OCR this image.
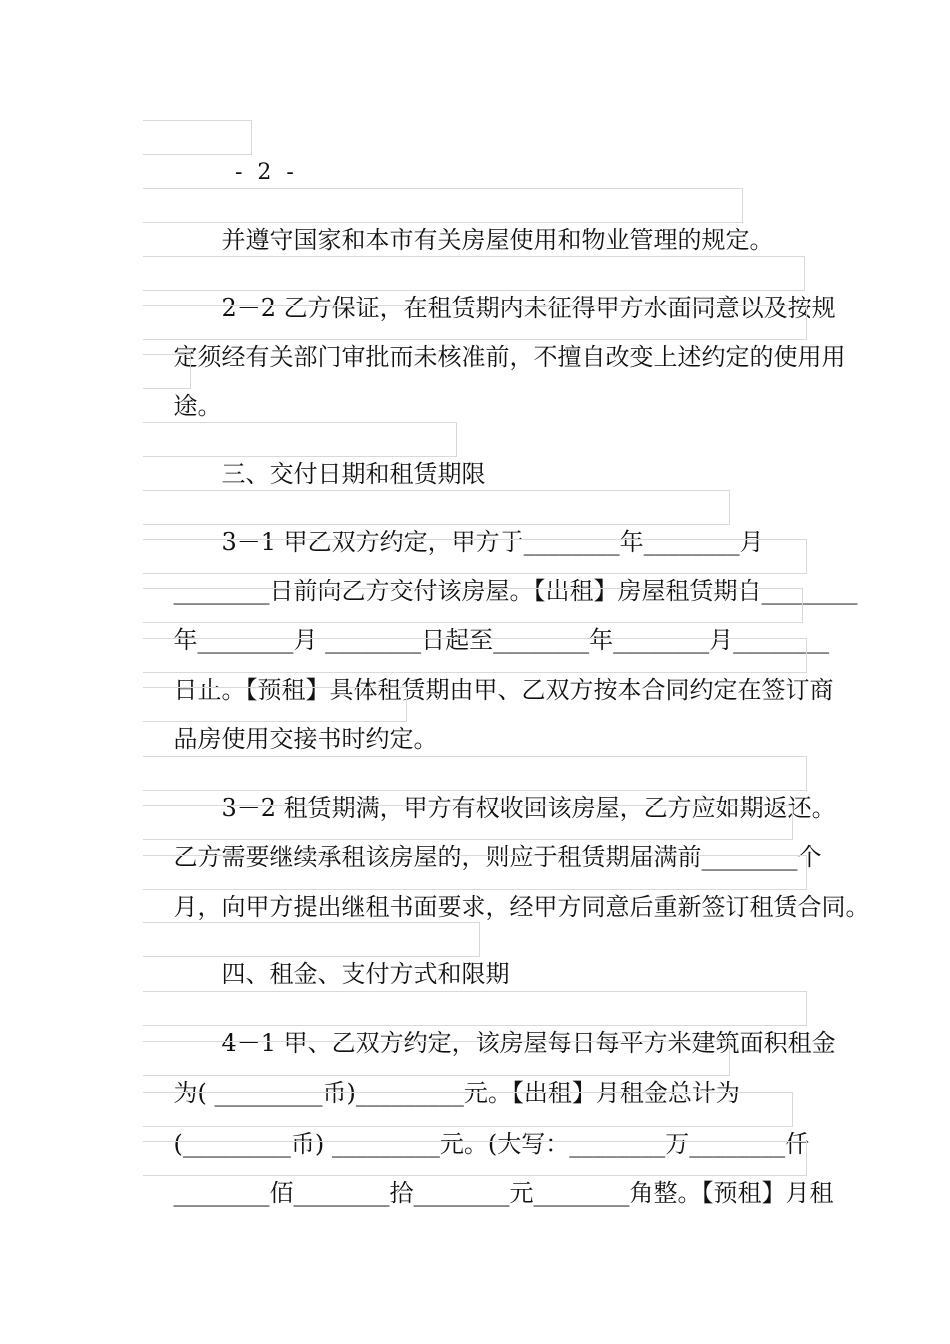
- 2 -

并遵守国家和本市有关房屋使用和物业管理的规定。

2－2 乙方保证，在租赁期内未征得甲方水面同意以及按规

定须经有关部门审批而未核准前，不擅自改变上述约定的使用用

途。

三、交付日期和租赁期限

3－1 甲乙双方约定，甲方于________年________月

________日前向乙方交付该房屋。【出租】房屋租赁期自________

年________月 ________日起至________年________月________

日止。【预租】具体租赁期由甲、乙双方按本合同约定在签订商

品房使用交接书时约定。

3－2 租赁期满，甲方有权收回该房屋，乙方应如期返还。

乙方需要继续承租该房屋的，则应于租赁期届满前________个

月，向甲方提出继租书面要求，经甲方同意后重新签订租赁合同。

四、租金、支付方式和限期

4－1 甲、乙双方约定，该房屋每日每平方米建筑面积租金

为( _________币)_________元。【出租】月租金总计为

(_________币) _________元。(大写：________万________仟

________佰________拾________元________角整。【预租】月租
